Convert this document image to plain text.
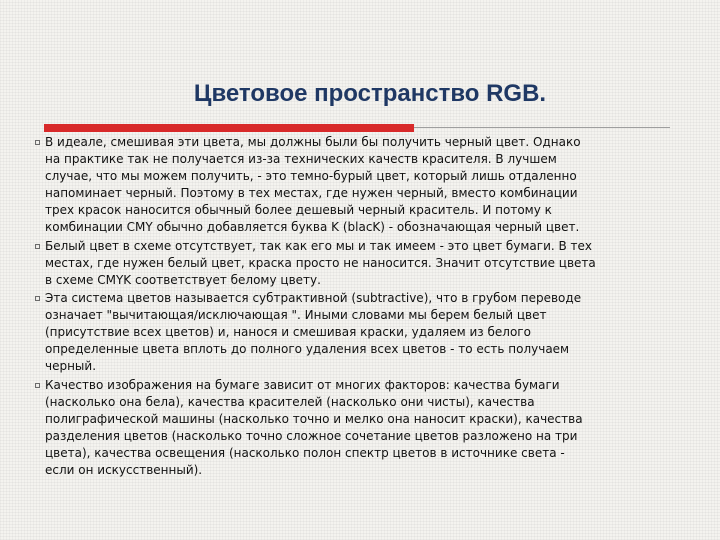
Цветовое пространство RGB.
В идеале, смешивая эти цвета, мы должны были бы получить черный цвет. Однако
на практике так не получается из-за технических качеств красителя. В лучшем
случае, что мы можем получить, - это темно-бурый цвет, который лишь отдаленно
напоминает черный. Поэтому в тех местах, где нужен черный, вместо комбинации
трех красок наносится обычный более дешевый черный краситель. И потому к
комбинации CMY обычно добавляется буква K (blacK) - обозначающая черный цвет.
Белый цвет в схеме отсутствует, так как его мы и так имеем - это цвет бумаги. В тех
местах, где нужен белый цвет, краска просто не наносится. Значит отсутствие цвета
в схеме CMYK соответствует белому цвету.
Эта система цветов называется субтрактивной (subtractive), что в грубом переводе
означает "вычитающая/исключающая ". Иными словами мы берем белый цвет
(присутствие всех цветов) и, нанося и смешивая краски, удаляем из белого
определенные цвета вплоть до полного удаления всех цветов - то есть получаем
черный.
Качество изображения на бумаге зависит от многих факторов: качества бумаги
(насколько она бела), качества красителей (насколько они чисты), качества
полиграфической машины (насколько точно и мелко она наносит краски), качества
разделения цветов (насколько точно сложное сочетание цветов разложено на три
цвета), качества освещения (насколько полон спектр цветов в источнике света -
если он искусственный).
